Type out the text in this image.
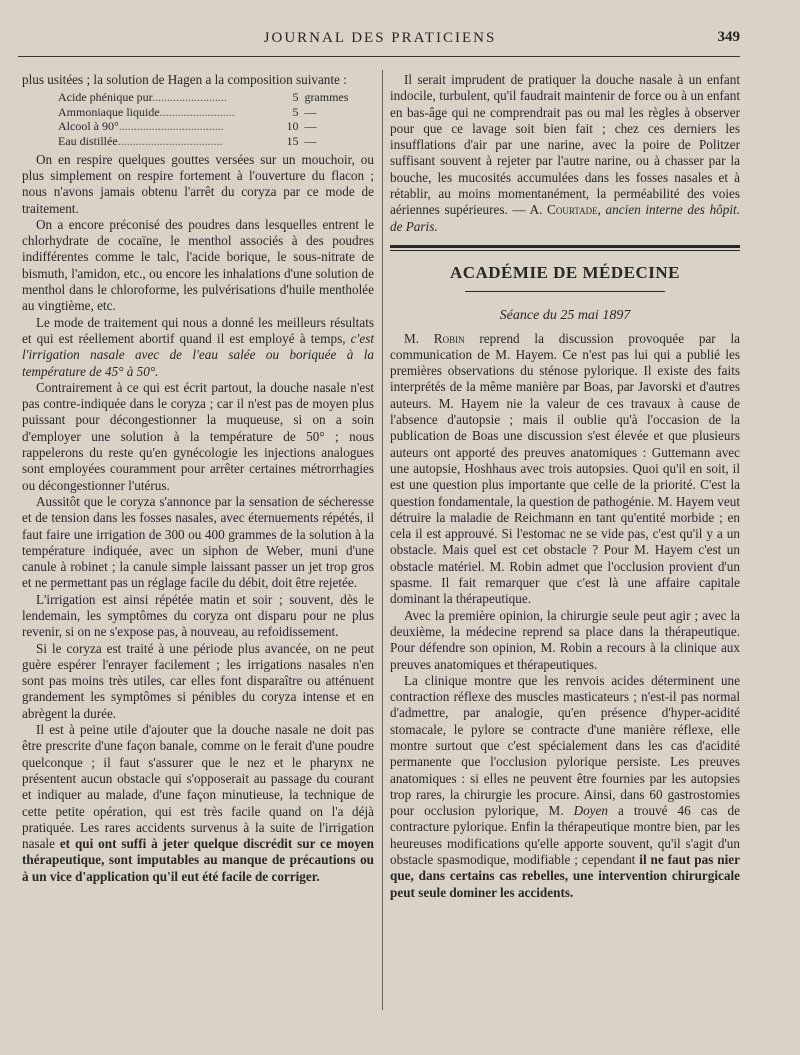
JOURNAL DES PRATICIENS	349

plus usitées ; la solution de Hagen a la composition suivante :

Acide phénique pur.........................	5 grammes
Ammoniaque liquide.........................	5 —
Alcool à 90°...................................	10 —
Eau distillée...................................	15 —

On en respire quelques gouttes versées sur un mouchoir, ou plus simplement on respire fortement à l'ouverture du flacon ; nous n'avons jamais obtenu l'arrêt du coryza par ce mode de traitement.

On a encore préconisé des poudres dans lesquelles entrent le chlorhydrate de cocaïne, le menthol associés à des poudres indifférentes comme le talc, l'acide borique, le sous-nitrate de bismuth, l'amidon, etc., ou encore les inhalations d'une solution de menthol dans le chloroforme, les pulvérisations d'huile mentholée au vingtième, etc.

Le mode de traitement qui nous a donné les meilleurs résultats et qui est réellement abortif quand il est employé à temps, c'est l'irrigation nasale avec de l'eau salée ou boriquée à la température de 45° à 50°.

Contrairement à ce qui est écrit partout, la douche nasale n'est pas contre-indiquée dans le coryza ; car il n'est pas de moyen plus puissant pour décongestionner la muqueuse, si on a soin d'employer une solution à la température de 50° ; nous rappelerons du reste qu'en gynécologie les injections analogues sont employées couramment pour arrêter certaines métrorrhagies ou décongestionner l'utérus.

Aussitôt que le coryza s'annonce par la sensation de sécheresse et de tension dans les fosses nasales, avec éternuements répétés, il faut faire une irrigation de 300 ou 400 grammes de la solution à la température indiquée, avec un siphon de Weber, muni d'une canule à robinet ; la canule simple laissant passer un jet trop gros et ne permettant pas un réglage facile du débit, doit être rejetée.

L'irrigation est ainsi répétée matin et soir ; souvent, dès le lendemain, les symptômes du coryza ont disparu pour ne plus revenir, si on ne s'expose pas, à nouveau, au refoidissement.

Si le coryza est traité à une période plus avancée, on ne peut guère espérer l'enrayer facilement ; les irrigations nasales n'en sont pas moins très utiles, car elles font disparaître ou atténuent grandement les symptômes si pénibles du coryza intense et en abrègent la durée.

Il est à peine utile d'ajouter que la douche nasale ne doit pas être prescrite d'une façon banale, comme on le ferait d'une poudre quelconque ; il faut s'assurer que le nez et le pharynx ne présentent aucun obstacle qui s'opposerait au passage du courant et indiquer au malade, d'une façon minutieuse, la technique de cette petite opération, qui est très facile quand on l'a déjà pratiquée. Les rares accidents survenus à la suite de l'irrigation nasale et qui ont suffi à jeter quelque discrédit sur ce moyen thérapeutique, sont imputables au manque de précautions ou à un vice d'application qu'il eut été facile de corriger.

Il serait imprudent de pratiquer la douche nasale à un enfant indocile, turbulent, qu'il faudrait maintenir de force ou à un enfant en bas-âge qui ne comprendrait pas ou mal les règles à observer pour que ce lavage soit bien fait ; chez ces derniers les insufflations d'air par une narine, avec la poire de Politzer suffisant souvent à rejeter par l'autre narine, ou à chasser par la bouche, les mucosités accumulées dans les fosses nasales et à rétablir, au moins momentanément, la perméabilité des voies aériennes supérieures. — A. Courtade, ancien interne des hôpit. de Paris.

ACADÉMIE DE MÉDECINE
Séance du 25 mai 1897

M. Robin reprend la discussion provoquée par la communication de M. Hayem. Ce n'est pas lui qui a publié les premières observations du sténose pylorique. Il existe des faits interprétés de la même manière par Boas, par Javorski et d'autres auteurs. M. Hayem nie la valeur de ces travaux à cause de l'absence d'autopsie ; mais il oublie qu'à l'occasion de la publication de Boas une discussion s'est élevée et que plusieurs auteurs ont apporté des preuves anatomiques : Guttemann avec une autopsie, Hoshhaus avec trois autopsies. Quoi qu'il en soit, il est une question plus importante que celle de la priorité. C'est la question fondamentale, la question de pathogénie. M. Hayem veut détruire la maladie de Reichmann en tant qu'entité morbide ; en cela il est approuvé. Si l'estomac ne se vide pas, c'est qu'il y a un obstacle. Mais quel est cet obstacle ? Pour M. Hayem c'est un obstacle matériel. M. Robin admet que l'occlusion provient d'un spasme. Il fait remarquer que c'est là une affaire capitale dominant la thérapeutique.

Avec la première opinion, la chirurgie seule peut agir ; avec la deuxième, la médecine reprend sa place dans la thérapeutique. Pour défendre son opinion, M. Robin a recours à la clinique aux preuves anatomiques et thérapeutiques.

La clinique montre que les renvois acides déterminent une contraction réflexe des muscles masticateurs ; n'est-il pas normal d'admettre, par analogie, qu'en présence d'hyper-acidité stomacale, le pylore se contracte d'une manière réflexe, elle montre surtout que c'est spécialement dans les cas d'acidité permanente que l'occlusion pylorique persiste. Les preuves anatomiques : si elles ne peuvent être fournies par les autopsies trop rares, la chirurgie les procure. Ainsi, dans 60 gastrostomies pour occlusion pylorique, M. Doyen a trouvé 46 cas de contracture pylorique. Enfin la thérapeutique montre bien, par les heureuses modifications qu'elle apporte souvent, qu'il s'agit d'un obstacle spasmodique, modifiable ; cependant il ne faut pas nier que, dans certains cas rebelles, une intervention chirurgicale peut seule dominer les accidents.
